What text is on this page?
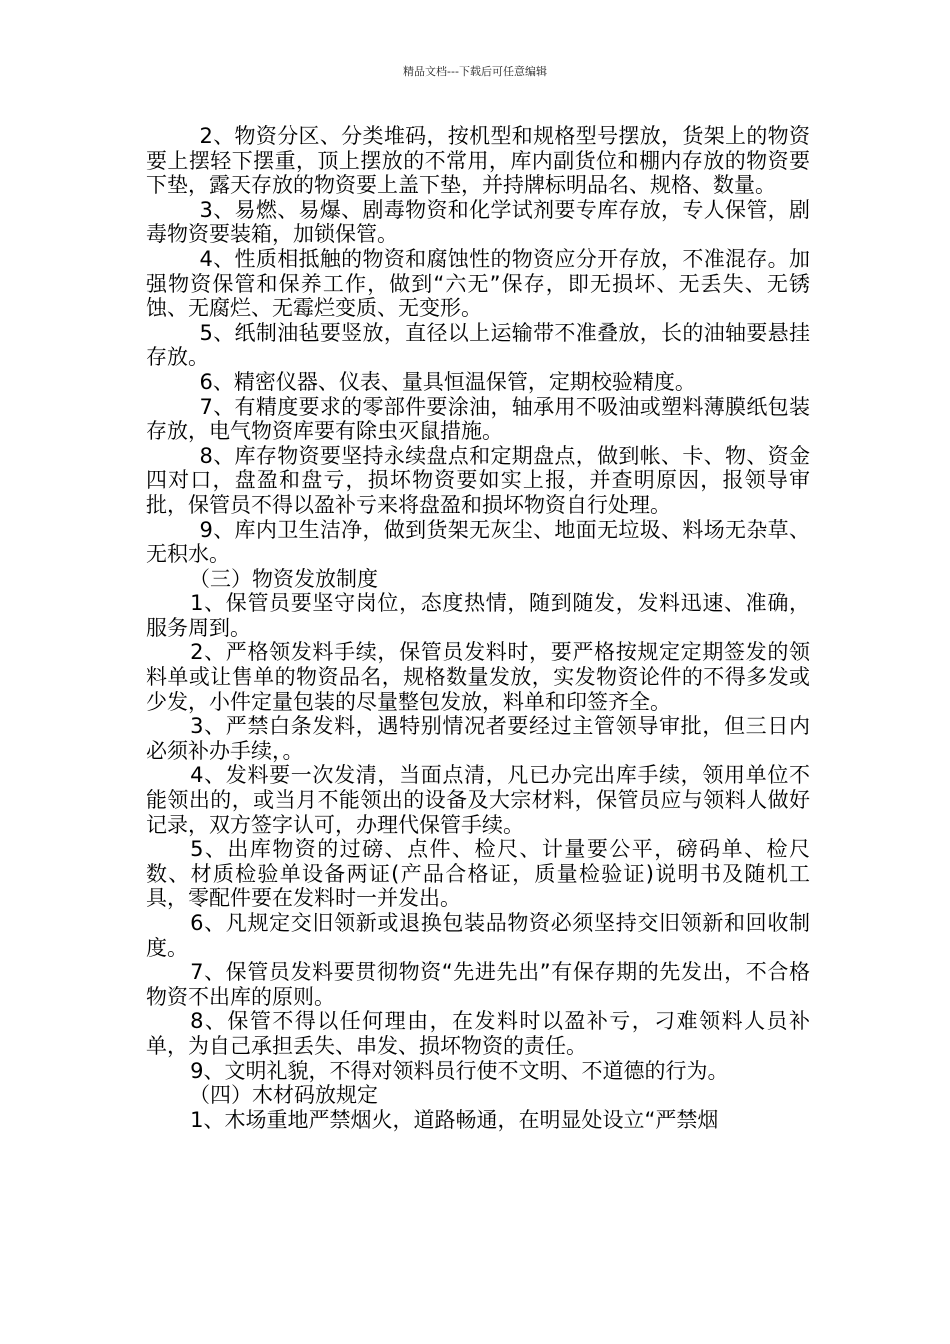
精品文档---下载后可任意编辑

2、物资分区、分类堆码，按机型和规格型号摆放，货架上的物资要上摆轻下摆重，顶上摆放的不常用，库内副货位和棚内存放的物资要下垫，露天存放的物资要上盖下垫，并持牌标明品名、规格、数量。

3、易燃、易爆、剧毒物资和化学试剂要专库存放，专人保管，剧毒物资要装箱，加锁保管。

4、性质相抵触的物资和腐蚀性的物资应分开存放，不准混存。加强物资保管和保养工作，做到“六无”保存，即无损坏、无丢失、无锈蚀、无腐烂、无霉烂变质、无变形。

5、纸制油毡要竖放，直径以上运输带不准叠放，长的油轴要悬挂存放。

6、精密仪器、仪表、量具恒温保管，定期校验精度。

7、有精度要求的零部件要涂油，轴承用不吸油或塑料薄膜纸包装存放，电气物资库要有除虫灭鼠措施。

8、库存物资要坚持永续盘点和定期盘点，做到帐、卡、物、资金四对口，盘盈和盘亏，损坏物资要如实上报，并查明原因，报领导审批，保管员不得以盈补亏来将盘盈和损坏物资自行处理。

9、库内卫生洁净，做到货架无灰尘、地面无垃圾、料场无杂草、无积水。

（三）物资发放制度

1、保管员要坚守岗位，态度热情，随到随发，发料迅速、准确，服务周到。

2、严格领发料手续，保管员发料时，要严格按规定定期签发的领料单或让售单的物资品名，规格数量发放，实发物资论件的不得多发或少发，小件定量包装的尽量整包发放，料单和印签齐全。

3、严禁白条发料，遇特别情况者要经过主管领导审批，但三日内必须补办手续，。

4、发料要一次发清，当面点清，凡已办完出库手续，领用单位不能领出的，或当月不能领出的设备及大宗材料，保管员应与领料人做好记录，双方签字认可，办理代保管手续。

5、出库物资的过磅、点件、检尺、计量要公平，磅码单、检尺数、材质检验单设备两证(产品合格证，质量检验证)说明书及随机工具，零配件要在发料时一并发出。

6、凡规定交旧领新或退换包装品物资必须坚持交旧领新和回收制度。

7、保管员发料要贯彻物资“先进先出”有保存期的先发出，不合格物资不出库的原则。

8、保管不得以任何理由，在发料时以盈补亏，刁难领料人员补单，为自己承担丢失、串发、损坏物资的责任。

9、文明礼貌，不得对领料员行使不文明、不道德的行为。

（四）木材码放规定

1、木场重地严禁烟火，道路畅通，在明显处设立“严禁烟
